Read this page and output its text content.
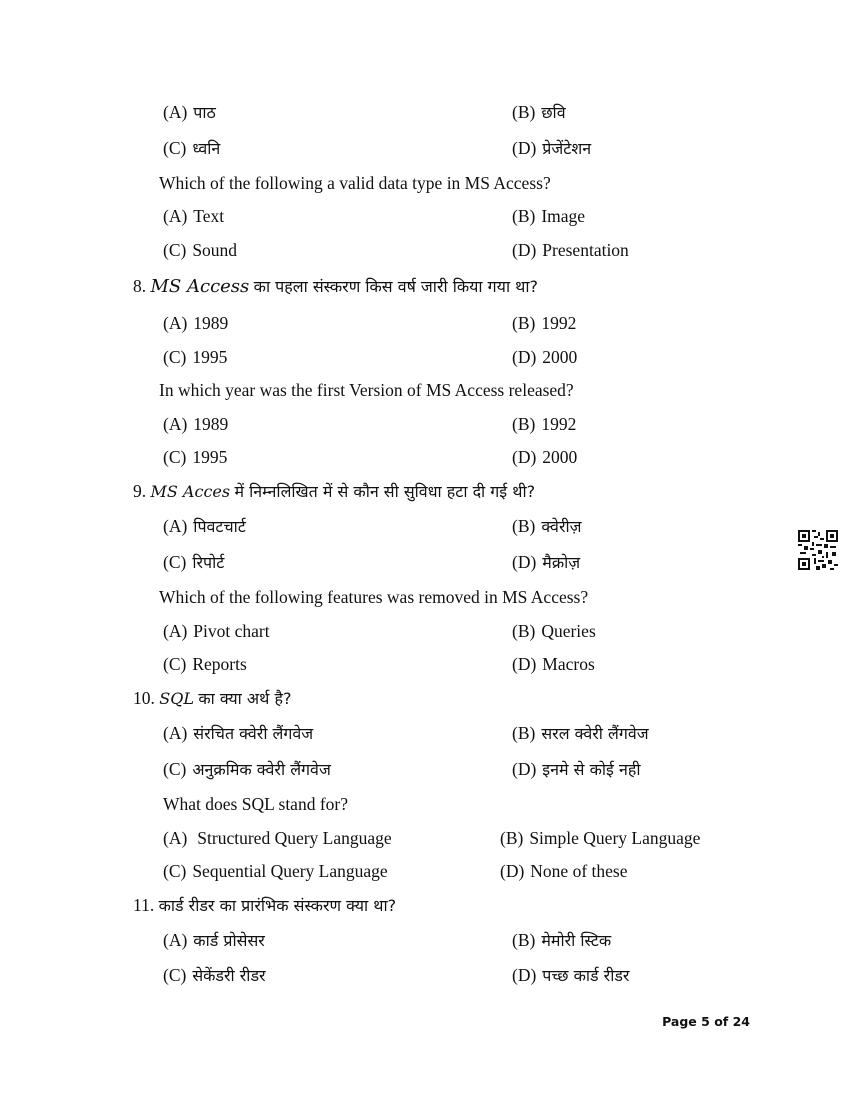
(A) पाठ	(B) छवि
(C) ध्वनि	(D) प्रेजेंटेशन
Which of the following a valid data type in MS Access?
(A) Text	(B) Image
(C) Sound	(D) Presentation
8. MS Access का पहला संस्करण किस वर्ष जारी किया गया था?
(A) 1989	(B) 1992
(C) 1995	(D) 2000
In which year was the first Version of MS Access released?
(A) 1989	(B) 1992
(C) 1995	(D) 2000
9. MS Acces में निम्नलिखित में से कौन सी सुविधा हटा दी गई थी?
(A) पिवटचार्ट	(B) क्वेरीज़
(C) रिपोर्ट	(D) मैक्रोज़
Which of the following features was removed in MS Access?
(A) Pivot chart	(B) Queries
(C) Reports	(D) Macros
10. SQL का क्या अर्थ है?
(A) संरचित क्वेरी लैंगवेज	(B) सरल क्वेरी लैंगवेज
(C) अनुक्रमिक क्वेरी लैंगवेज	(D) इनमे से कोई नही
What does SQL stand for?
(A) Structured Query Language	(B) Simple Query Language
(C) Sequential Query Language	(D) None of these
11. कार्ड रीडर का प्रारंभिक संस्करण क्या था?
(A) कार्ड प्रोसेसर	(B) मेमोरी स्टिक
(C) सेकेंडरी रीडर	(D) पच्छ कार्ड रीडर
Page 5 of 24
